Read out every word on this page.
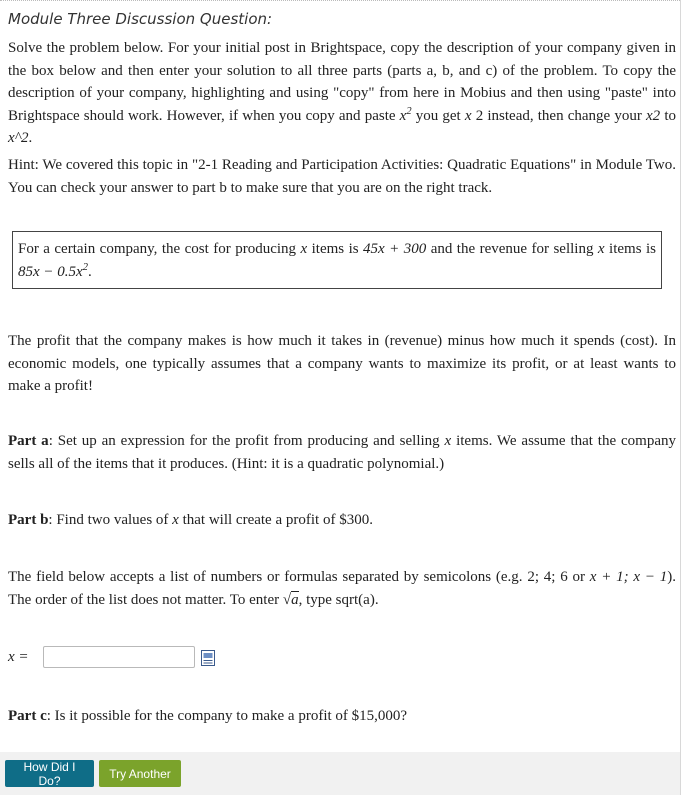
Module Three Discussion Question:

Solve the problem below. For your initial post in Brightspace, copy the description of your company given in the box below and then enter your solution to all three parts (parts a, b, and c) of the problem. To copy the description of your company, highlighting and using "copy" from here in Mobius and then using "paste" into Brightspace should work. However, if when you copy and paste $x^2$ you get x 2 instead, then change your x2 to x^2.

Hint: We covered this topic in "2-1 Reading and Participation Activities: Quadratic Equations" in Module Two. You can check your answer to part b to make sure that you are on the right track.

For a certain company, the cost for producing x items is 45x + 300 and the revenue for selling x items is $85x - 0.5x^2$.

The profit that the company makes is how much it takes in (revenue) minus how much it spends (cost). In economic models, one typically assumes that a company wants to maximize its profit, or at least wants to make a profit!

Part a: Set up an expression for the profit from producing and selling x items. We assume that the company sells all of the items that it produces. (Hint: it is a quadratic polynomial.)

Part b: Find two values of x that will create a profit of $300.

The field below accepts a list of numbers or formulas separated by semicolons (e.g. 2; 4; 6 or x + 1; x − 1). The order of the list does not matter. To enter √a, type sqrt(a).

x =

Part c: Is it possible for the company to make a profit of $15,000?

How Did I Do?
Try Another
